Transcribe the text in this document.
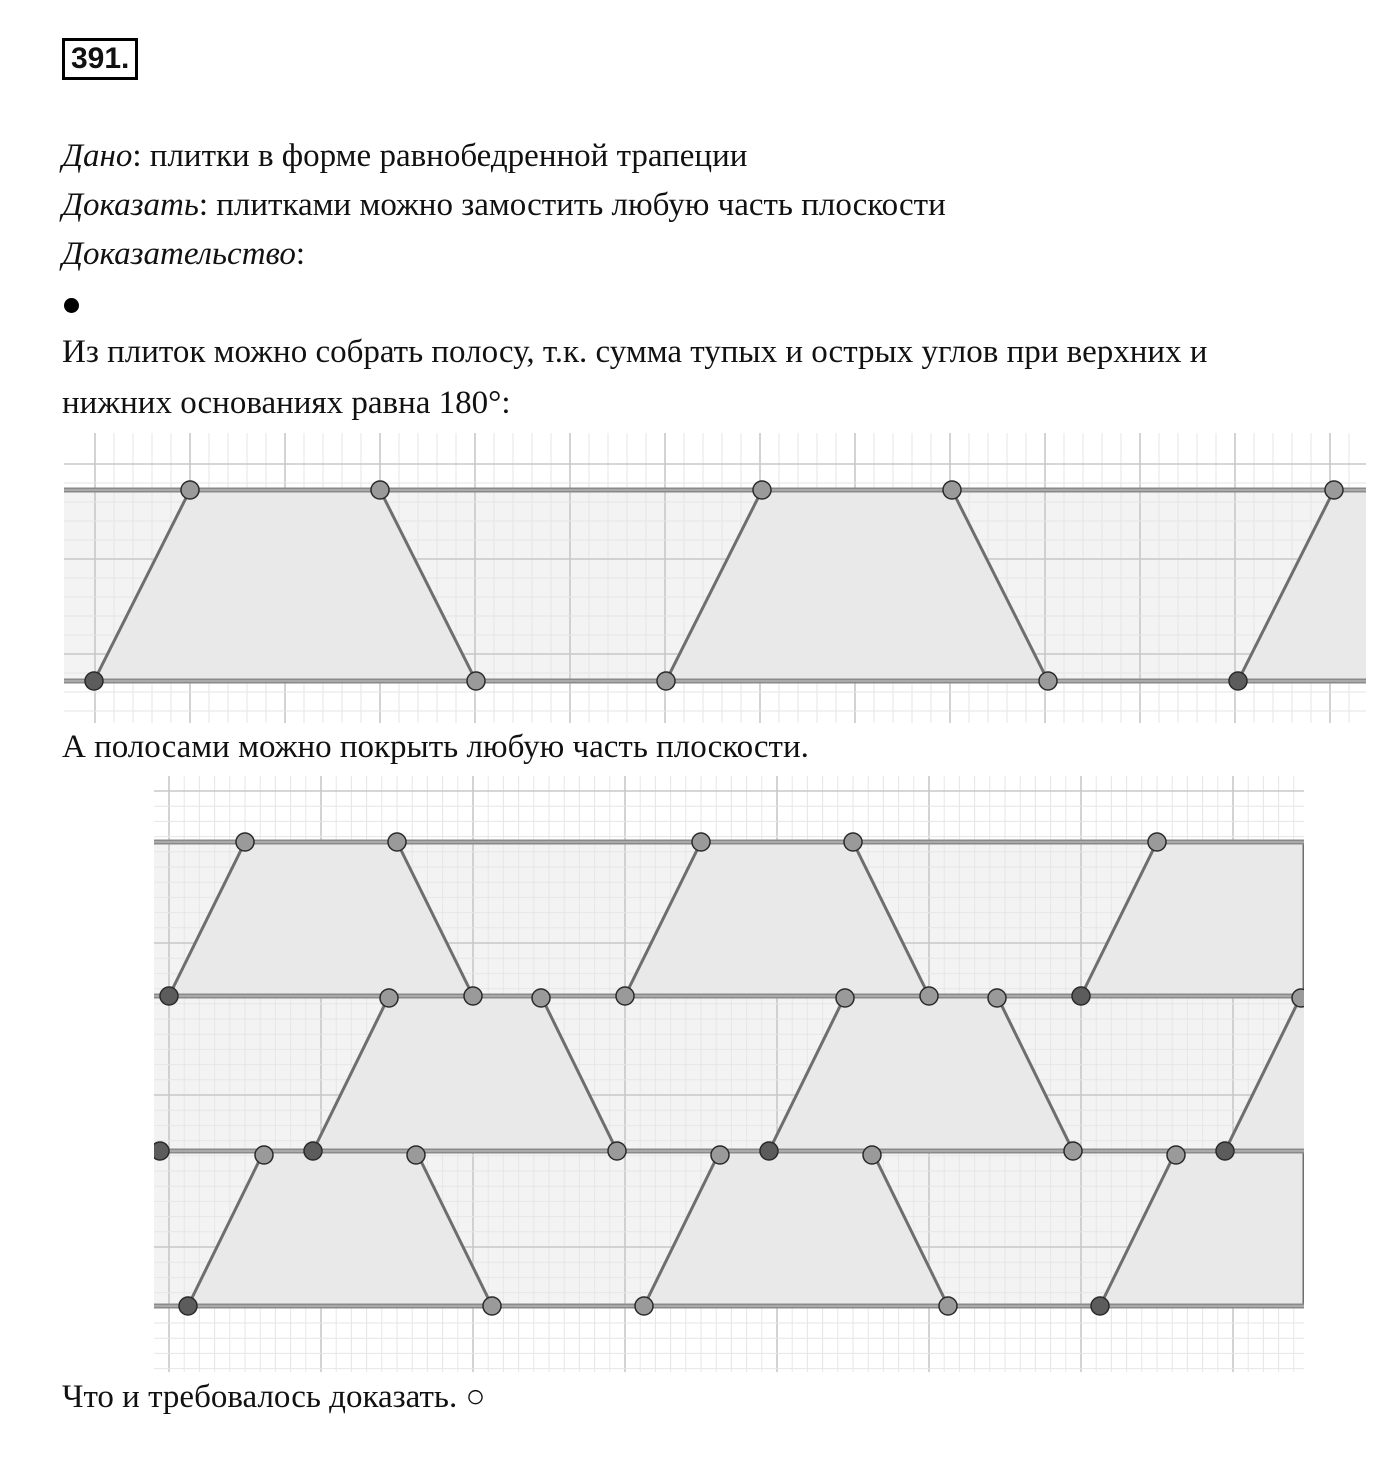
391.
Дано: плитки в форме равнобедренной трапеции
Доказать: плитками можно замостить любую часть плоскости
Доказательство:
Из плиток можно собрать полосу, т.к. сумма тупых и острых углов при верхних и
нижних основаниях равна 180°:
А полосами можно покрыть любую часть плоскости.
Что и требовалось доказать. ○
